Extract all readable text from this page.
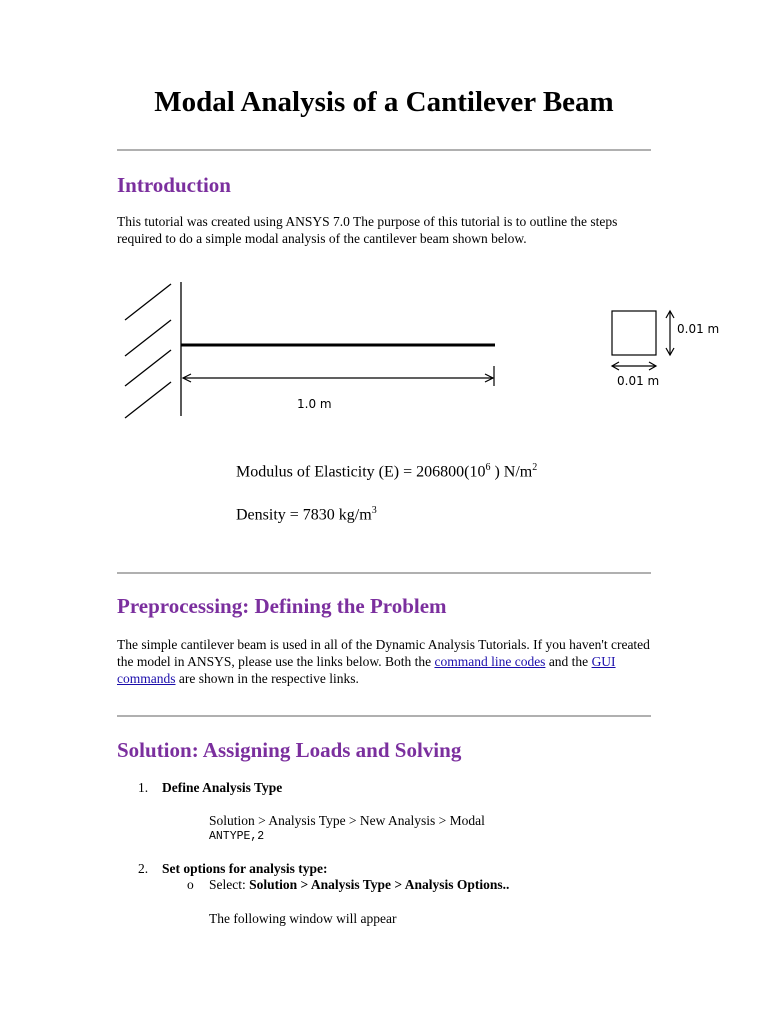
Modal Analysis of a Cantilever Beam
Introduction

This tutorial was created using ANSYS 7.0 The purpose of this tutorial is to outline the steps required to do a simple modal analysis of the cantilever beam shown below.

1.0 m
0.01 m
0.01 m

Modulus of Elasticity $(E) = 206800(10^6$ ) $N/m^2$

Density = 7830 $kg/m^3$

Preprocessing: Defining the Problem

The simple cantilever beam is used in all of the Dynamic Analysis Tutorials. If you haven't created the model in ANSYS, please use the links below. Both the command line codes and the GUI commands are shown in the respective links.

Solution: Assigning Loads and Solving
1. Define Analysis Type
Solution > Analysis Type > New Analysis > Modal
ANTYPE,2
2. Set options for analysis type:
o Select: Solution > Analysis Type > Analysis Options..
The following window will appear
